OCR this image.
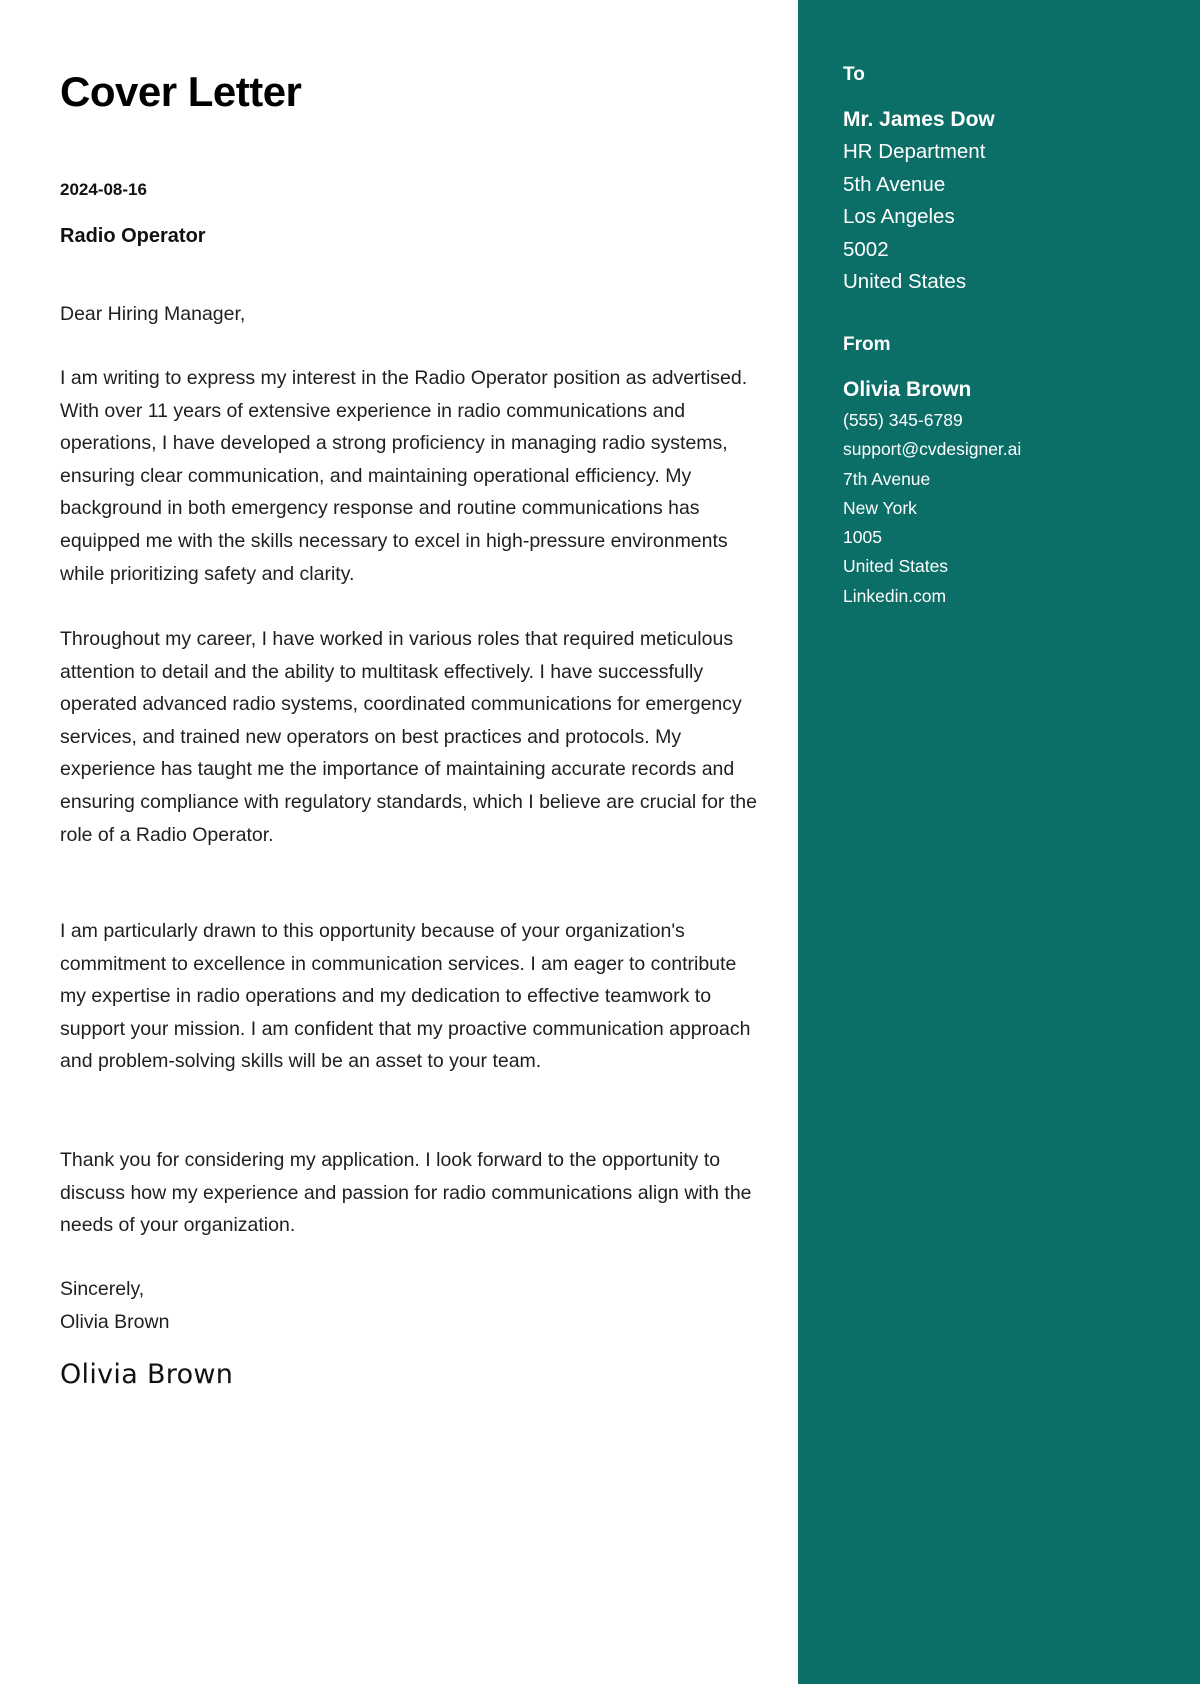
Cover Letter
2024-08-16
Radio Operator

Dear Hiring Manager,

I am writing to express my interest in the Radio Operator position as advertised. With over 11 years of extensive experience in radio communications and operations, I have developed a strong proficiency in managing radio systems, ensuring clear communication, and maintaining operational efficiency. My background in both emergency response and routine communications has equipped me with the skills necessary to excel in high-pressure environments while prioritizing safety and clarity.

Throughout my career, I have worked in various roles that required meticulous attention to detail and the ability to multitask effectively. I have successfully operated advanced radio systems, coordinated communications for emergency services, and trained new operators on best practices and protocols. My experience has taught me the importance of maintaining accurate records and ensuring compliance with regulatory standards, which I believe are crucial for the role of a Radio Operator.

I am particularly drawn to this opportunity because of your organization's commitment to excellence in communication services. I am eager to contribute my expertise in radio operations and my dedication to effective teamwork to support your mission. I am confident that my proactive communication approach and problem-solving skills will be an asset to your team.

Thank you for considering my application. I look forward to the opportunity to discuss how my experience and passion for radio communications align with the needs of your organization.

Sincerely,

Olivia Brown

Olivia Brown
To
Mr. James Dow
HR Department
5th Avenue
Los Angeles
5002
United States
From
Olivia Brown
(555) 345-6789
support@cvdesigner.ai
7th Avenue
New York
1005
United States
Linkedin.com
